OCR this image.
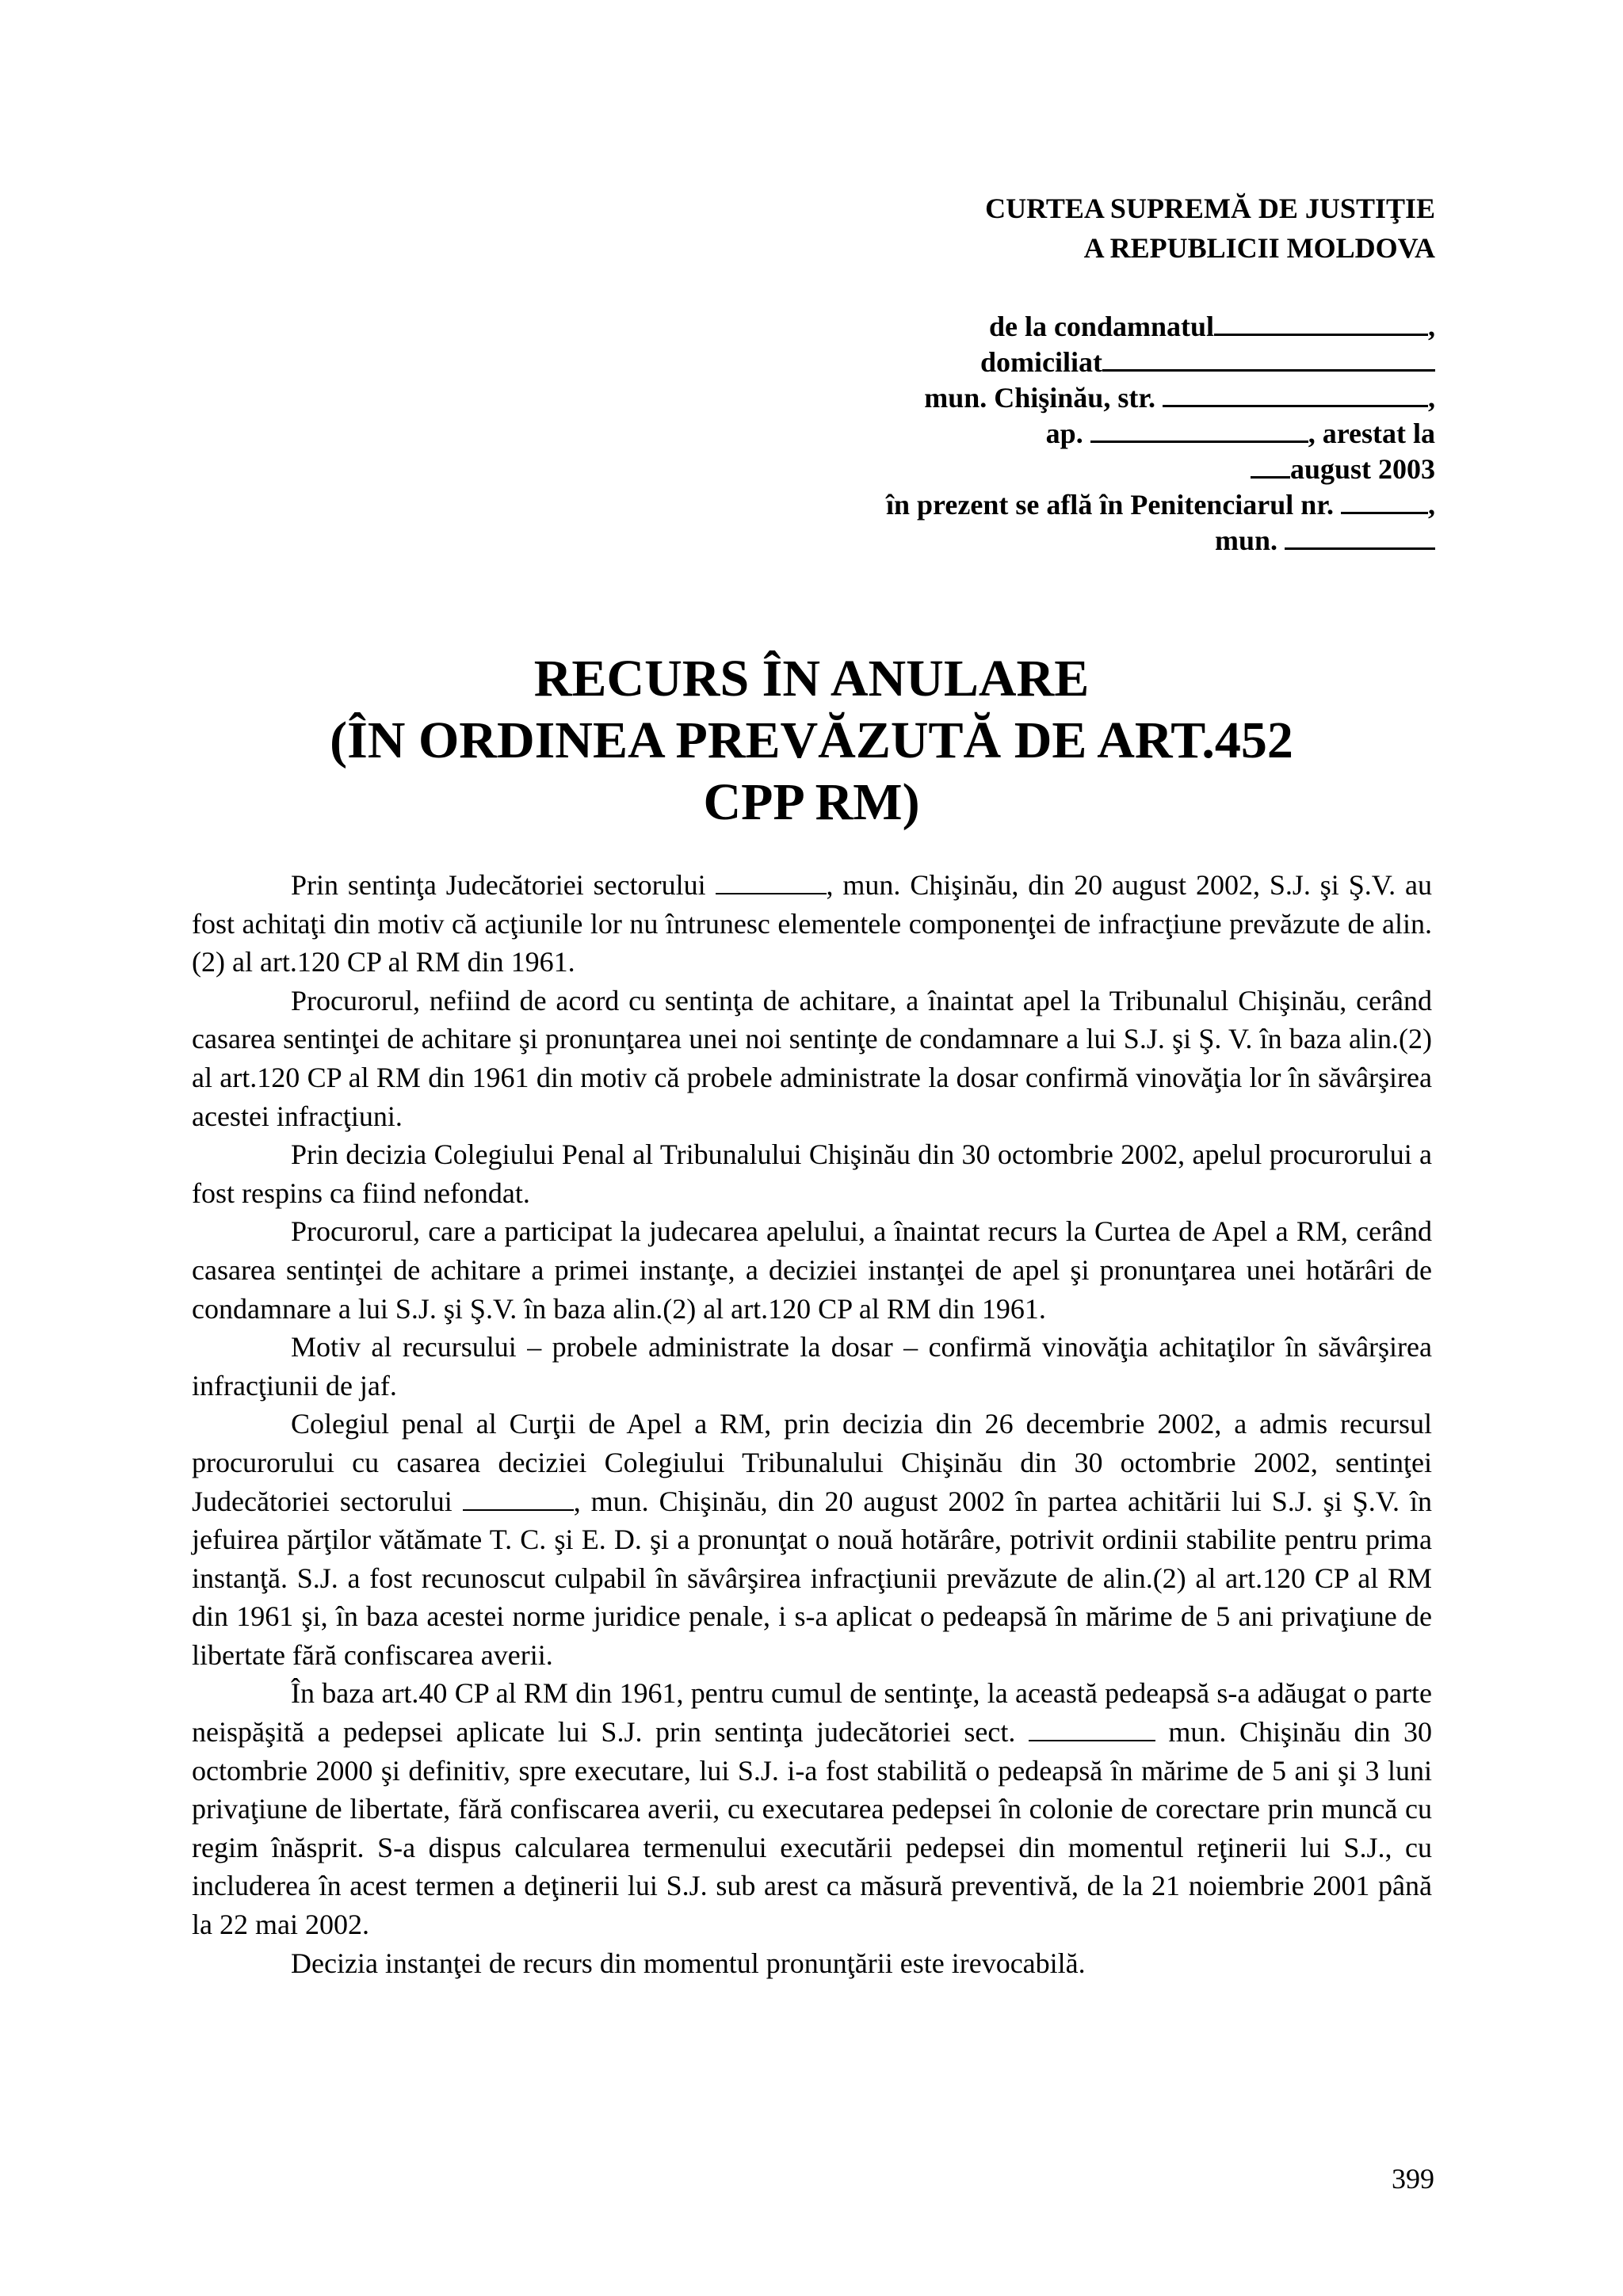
CURTEA SUPREMĂ DE JUSTIŢIE
A REPUBLICII MOLDOVA
de la condamnatul	,
domiciliat
mun. Chişinău, str.	,
ap.	, arestat la
august 2003
în prezent se află în Penitenciarul nr.	,
mun.
RECURS ÎN ANULARE
(ÎN ORDINEA PREVĂZUTĂ DE ART.452
CPP RM)

Prin sentinţa Judecătoriei sectorului	, mun. Chişinău, din 20 august 2002, S.J. şi Ş.V. au fost achitaţi din motiv că acţiunile lor nu întrunesc elementele componenţei de infracţiune prevăzute de alin.(2) al art.120 CP al RM din 1961.

Procurorul, nefiind de acord cu sentinţa de achitare, a înaintat apel la Tribunalul Chişinău, cerând casarea sentinţei de achitare şi pronunţarea unei noi sentinţe de condamnare a lui S.J. şi Ş. V. în baza alin.(2) al art.120 CP al RM din 1961 din motiv că probele administrate la dosar confirmă vinovăţia lor în săvârşirea acestei infracţiuni.

Prin decizia Colegiului Penal al Tribunalului Chişinău din 30 octombrie 2002, apelul procurorului a fost respins ca fiind nefondat.

Procurorul, care a participat la judecarea apelului, a înaintat recurs la Curtea de Apel a RM, cerând casarea sentinţei de achitare a primei instanţe, a deciziei instanţei de apel şi pronunţarea unei hotărâri de condamnare a lui S.J. şi Ş.V. în baza alin.(2) al art.120 CP al RM din 1961.

Motiv al recursului – probele administrate la dosar – confirmă vinovăţia achitaţilor în săvârşirea infracţiunii de jaf.

Colegiul penal al Curţii de Apel a RM, prin decizia din 26 decembrie 2002, a admis recursul procurorului cu casarea deciziei Colegiului Tribunalului Chişinău din 30 octombrie 2002, sentinţei Judecătoriei sectorului	, mun. Chişinău, din 20 august 2002 în partea achitării lui S.J. şi Ş.V. în jefuirea părţilor vătămate T. C. şi E. D. şi a pronunţat o nouă hotărâre, potrivit ordinii stabilite pentru prima instanţă. S.J. a fost recunoscut culpabil în săvârşirea infracţiunii prevăzute de alin.(2) al art.120 CP al RM din 1961 şi, în baza acestei norme juridice penale, i s-a aplicat o pedeapsă în mărime de 5 ani privaţiune de libertate fără confiscarea averii.

În baza art.40 CP al RM din 1961, pentru cumul de sentinţe, la această pedeapsă s-a adăugat o parte neispăşită a pedepsei aplicate lui S.J. prin sentinţa judecătoriei sect.	mun. Chişinău din 30 octombrie 2000 şi definitiv, spre executare, lui S.J. i-a fost stabilită o pedeapsă în mărime de 5 ani şi 3 luni privaţiune de libertate, fără confiscarea averii, cu executarea pedepsei în colonie de corectare prin muncă cu regim înăsprit. S-a dispus calcularea termenului executării pedepsei din momentul reţinerii lui S.J., cu includerea în acest termen a deţinerii lui S.J. sub arest ca măsură preventivă, de la 21 noiembrie 2001 până la 22 mai 2002.

Decizia instanţei de recurs din momentul pronunţării este irevocabilă.

399
